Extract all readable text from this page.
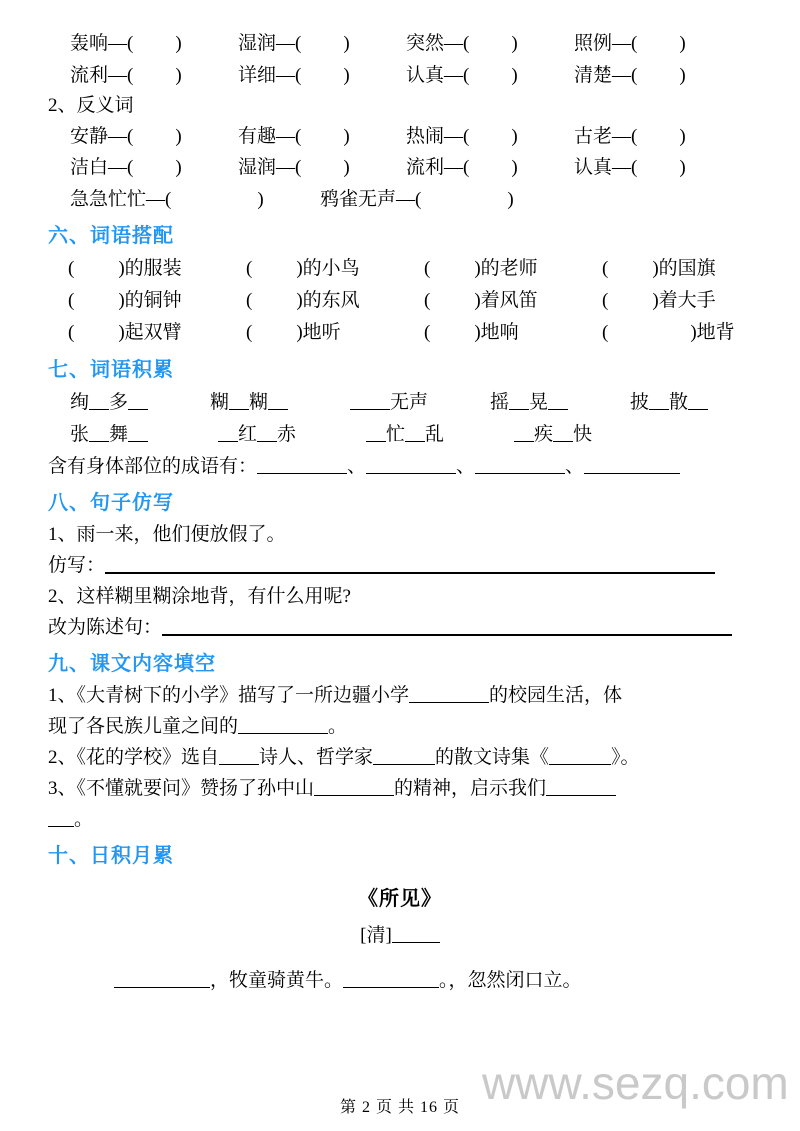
轰响—( )	湿润—( )	突然—( )	照例—( )
流利—( )	详细—( )	认真—( )	清楚—( )
2、反义词
安静—( )	有趣—( )	热闹—( )	古老—( )
洁白—( )	湿润—( )	流利—( )	认真—( )
急急忙忙—(	)	鸦雀无声—(	)
六、词语搭配
( )的服装	( )的小鸟	( )的老师	( )的国旗
( )的铜钟	( )的东风	( )着风笛	( )着大手
( )起双臂	( )地听	( )地响	(	)地背
七、词语积累
绚 多	糊 糊	无声	摇 晃	披 散
张 舞	红 赤	忙 乱	疾 快
含有身体部位的成语有：	、	、	、
八、句子仿写
1、雨一来，他们便放假了。
仿写：
2、这样糊里糊涂地背，有什么用呢?
改为陈述句：
九、课文内容填空
1、《大青树下的小学》描写了一所边疆小学	的校园生活，体
现了各民族儿童之间的	。
2、《花的学校》选自 诗人、哲学家	的散文诗集《	》。
3、《不懂就要问》赞扬了孙中山	的精神，启示我们
。
十、日积月累
《所见》
[清]
，牧童骑黄牛。	。，忽然闭口立。
www.sezq.com
第 2 页 共 16 页
